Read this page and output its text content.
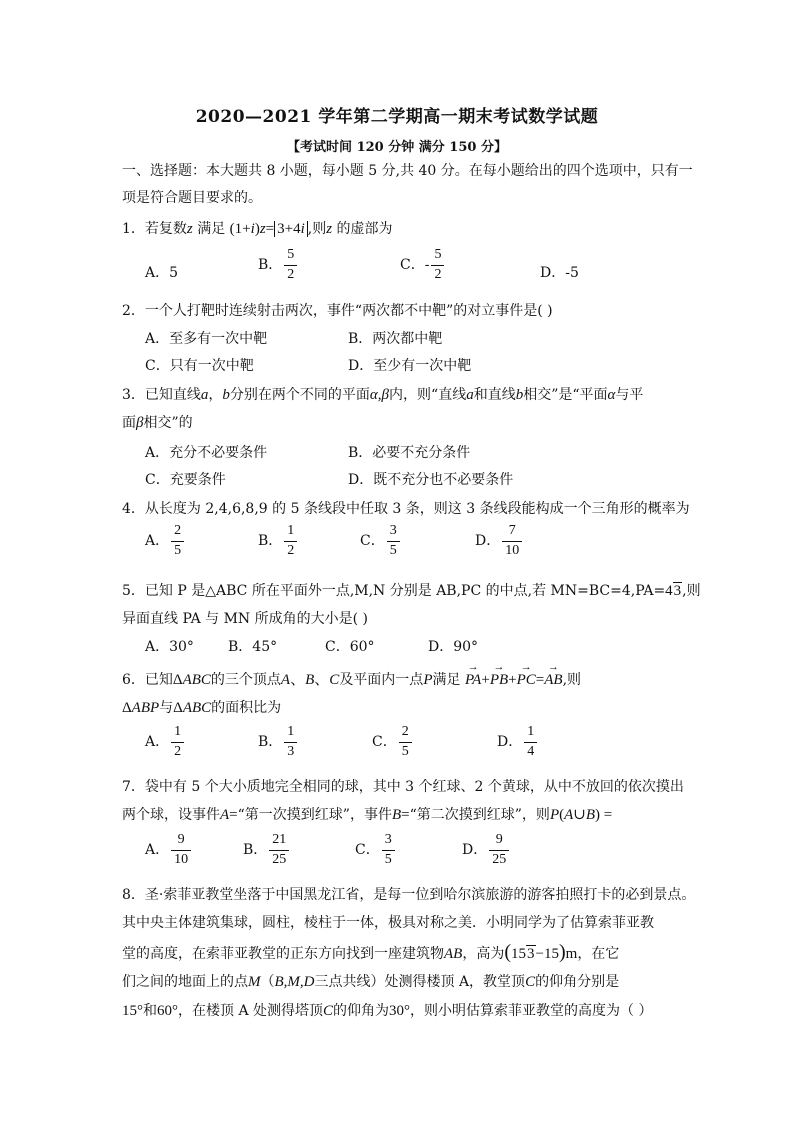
2020—2021 学年第二学期高一期末考试数学试题
【考试时间 120 分钟 满分 150 分】
一、选择题：本大题共 8 小题，每小题 5 分,共 40 分。在每小题给出的四个选项中，只有一
项是符合题目要求的。
1．若复数z 满足 (1+i)z= 3+4i ,则z 的虚部为
A．5	B． $\frac{5}{2}$	C．- $\frac{5}{2}$	D．-5
2．一个人打靶时连续射击两次，事件“两次都不中靶”的对立事件是( )
A．至多有一次中靶	B．两次都中靶
C．只有一次中靶	D．至少有一次中靶
3．已知直线a，b分别在两个不同的平面α,β内，则“直线a和直线b相交”是“平面α与平
面β相交”的
A．充分不必要条件	B．必要不充分条件
C．充要条件	D．既不充分也不必要条件
4．从长度为 2,4,6,8,9 的 5 条线段中任取 3 条，则这 3 条线段能构成一个三角形的概率为
A． $\frac{2}{5}$	B． $\frac{1}{2}$	C． $\frac{3}{5}$	D． $\frac{7}{10}$
5．已知 P 是△ABC 所在平面外一点,M,N 分别是 AB,PC 的中点,若 MN=BC=4,PA=43,则
异面直线 PA 与 MN 所成角的大小是( )
A．30° B．45°	C．60°	D．90°
6．已知ΔABC的三个顶点A、B、C及平面内一点P满足 → PA+→ PB+→ PC=→ AB,则
ΔABP与ΔABC的面积比为
A． $\frac{1}{2}$	B． $\frac{1}{3}$	C． $\frac{2}{5}$	D． $\frac{1}{4}$
7．袋中有 5 个大小质地完全相同的球，其中 3 个红球、2 个黄球，从中不放回的依次摸出
两个球，设事件A=“第一次摸到红球”，事件B=“第二次摸到红球”，则P(A∪B) =
A． $\frac{9}{10}$	B． $\frac{21}{25}$	C． $\frac{3}{5}$	D． $\frac{9}{25}$
8．圣·索菲亚教堂坐落于中国黑龙江省，是每一位到哈尔滨旅游的游客拍照打卡的必到景点。
其中央主体建筑集球，圆柱，棱柱于一体，极具对称之美．小明同学为了估算索菲亚教
堂的高度，在索菲亚教堂的正东方向找到一座建筑物AB，高为(153−15)m，在它
们之间的地面上的点M（B,M,D三点共线）处测得楼顶 A，教堂顶C的仰角分别是
15°和60°，在楼顶 A 处测得塔顶C的仰角为30°，则小明估算索菲亚教堂的高度为（ ）
